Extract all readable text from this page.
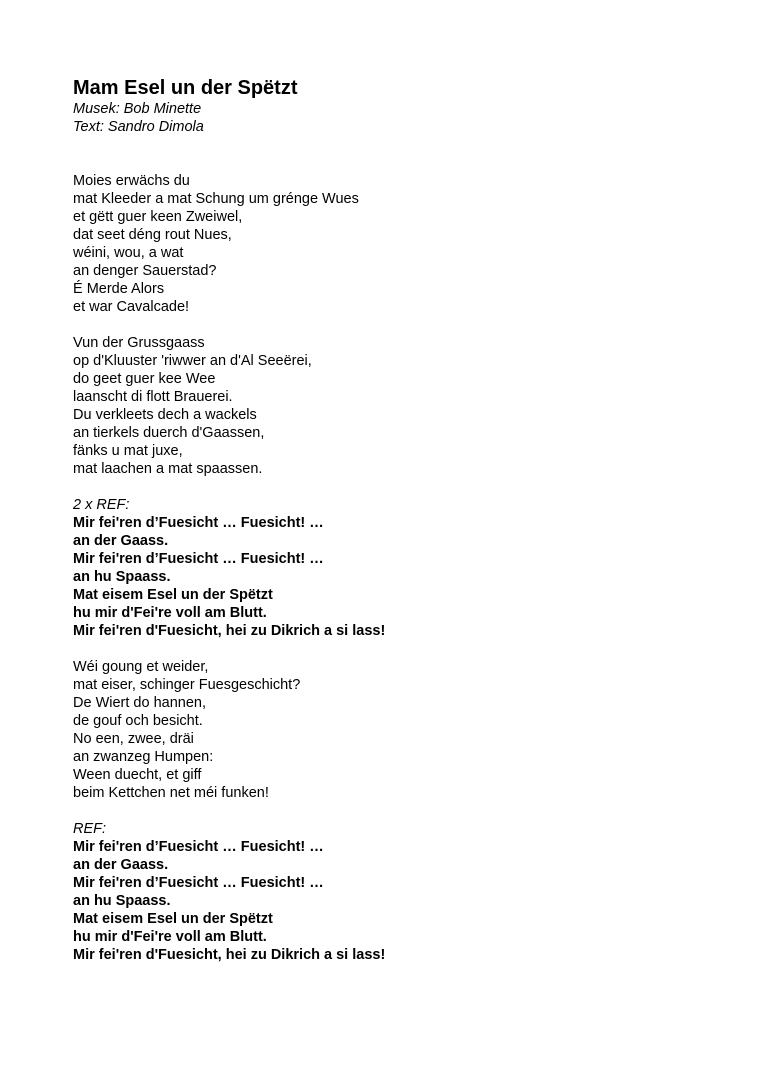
Mam Esel un der Spëtzt
Musek: Bob Minette
Text: Sandro Dimola
Moies erwächs du
mat Kleeder a mat Schung um grénge Wues
et gëtt guer keen Zweiwel,
dat seet déng rout Nues,
wéini, wou, a wat
an denger Sauerstad?
É Merde Alors
et war Cavalcade!
Vun der Grussgaass
op d'Kluuster 'riwwer an d'Al Seeërei,
do geet guer kee Wee
laanscht di flott Brauerei.
Du verkleets dech a wackels
an tierkels duerch d'Gaassen,
fänks u mat juxe,
mat laachen a mat spaassen.
2 x REF:
Mir fei'ren d’Fuesicht … Fuesicht! …
an der Gaass.
Mir fei'ren d’Fuesicht … Fuesicht! …
an hu Spaass.
Mat eisem Esel un der Spëtzt
hu mir d'Fei're voll am Blutt.
Mir fei'ren d'Fuesicht, hei zu Dikrich a si lass!
Wéi goung et weider,
mat eiser, schinger Fuesgeschicht?
De Wiert do hannen,
de gouf och besicht.
No een, zwee, dräi
an zwanzeg Humpen:
Ween duecht, et giff
beim Kettchen net méi funken!
REF:
Mir fei'ren d’Fuesicht … Fuesicht! …
an der Gaass.
Mir fei'ren d’Fuesicht … Fuesicht! …
an hu Spaass.
Mat eisem Esel un der Spëtzt
hu mir d'Fei're voll am Blutt.
Mir fei'ren d'Fuesicht, hei zu Dikrich a si lass!
